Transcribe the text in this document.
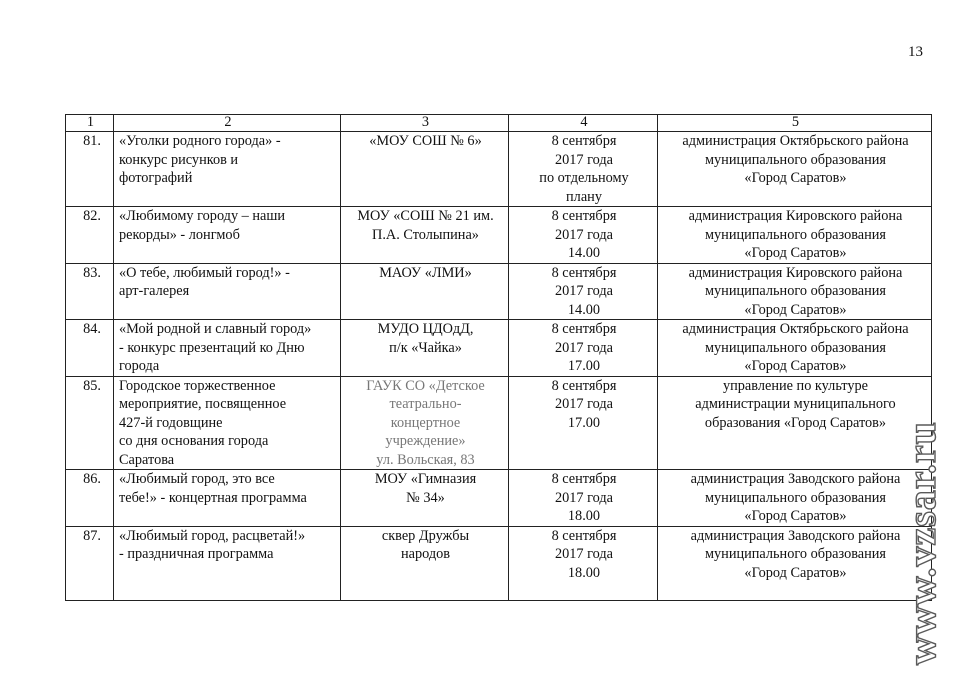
13
1	2	3	4	5
81.	«Уголки родного города» -
конкурс рисунков и
фотографий	«МОУ СОШ № 6»	8 сентября
2017 года
по отдельному
плану	администрация Октябрьского района
муниципального образования
«Город Саратов»

82.	«Любимому городу – наши
рекорды» - лонгмоб	МОУ «СОШ № 21 им.
П.А. Столыпина»	8 сентября
2017 года
14.00	администрация Кировского района
муниципального образования
«Город Саратов»

83.	«О тебе, любимый город!» -
арт-галерея	МАОУ «ЛМИ»	8 сентября
2017 года
14.00	администрация Кировского района
муниципального образования
«Город Саратов»

84.	«Мой родной и славный город»
- конкурс презентаций ко Дню
города	МУДО ЦДОдД,
п/к «Чайка»	8 сентября
2017 года
17.00	администрация Октябрьского района
муниципального образования
«Город Саратов»

85.	Городское торжественное
мероприятие, посвященное
427-й годовщине
со дня основания города
Саратова	ГАУК СО «Детское
театрально-
концертное
учреждение»
ул. Вольская, 83	8 сентября
2017 года
17.00	управление по культуре
администрации муниципального
образования «Город Саратов»

86.	«Любимый город, это все
тебе!» - концертная программа	МОУ «Гимназия
№ 34»	8 сентября
2017 года
18.00	администрация Заводского района
муниципального образования
«Город Саратов»

87.	«Любимый город, расцветай!»
- праздничная программа	сквер Дружбы
народов	8 сентября
2017 года
18.00	администрация Заводского района
муниципального образования
«Город Саратов»	www.vzsar.ru
